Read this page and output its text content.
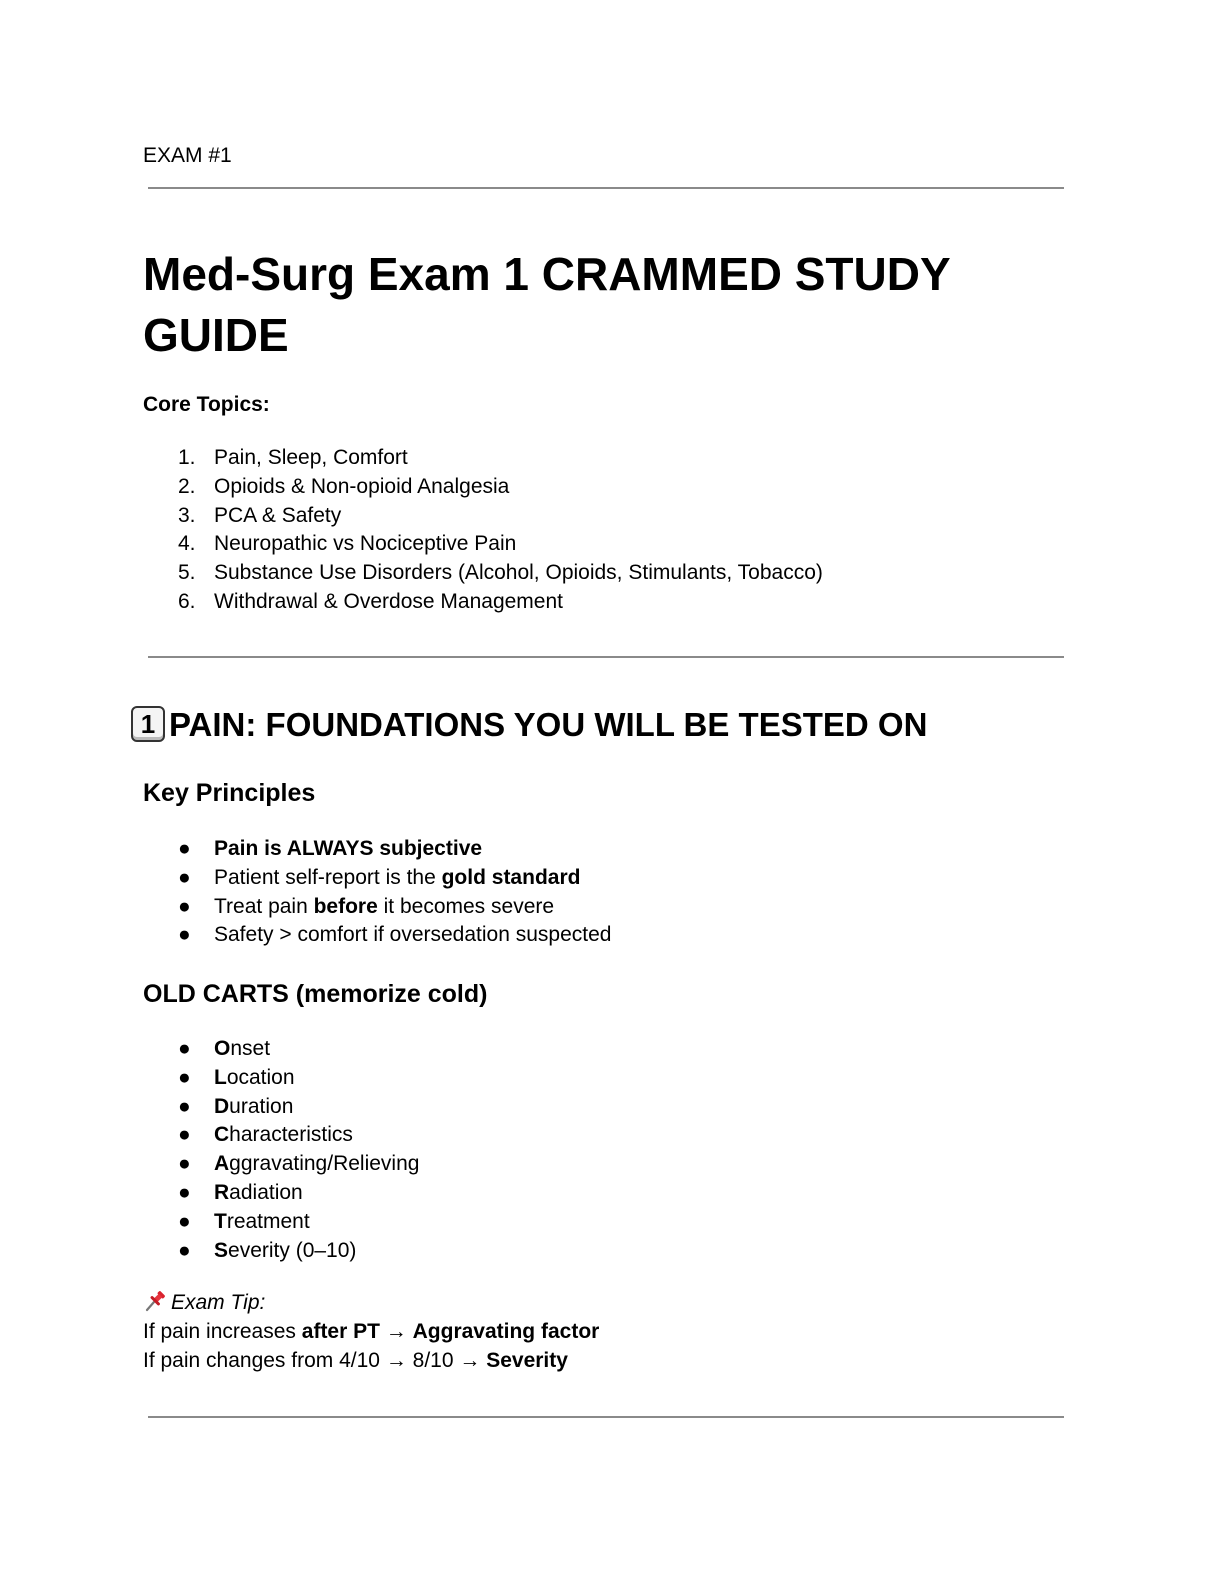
EXAM #1
Med-Surg Exam 1 CRAMMED STUDY GUIDE
Core Topics:
1. Pain, Sleep, Comfort
2. Opioids & Non-opioid Analgesia
3. PCA & Safety
4. Neuropathic vs Nociceptive Pain
5. Substance Use Disorders (Alcohol, Opioids, Stimulants, Tobacco)
6. Withdrawal & Overdose Management
1 PAIN: FOUNDATIONS YOU WILL BE TESTED ON
Key Principles
● Pain is ALWAYS subjective
● Patient self-report is the gold standard
● Treat pain before it becomes severe
● Safety > comfort if oversedation suspected
OLD CARTS (memorize cold)
● Onset
● Location
● Duration
● Characteristics
● Aggravating/Relieving
● Radiation
● Treatment
● Severity (0–10)
Exam Tip:
If pain increases after PT → Aggravating factor
If pain changes from 4/10 → 8/10 → Severity
